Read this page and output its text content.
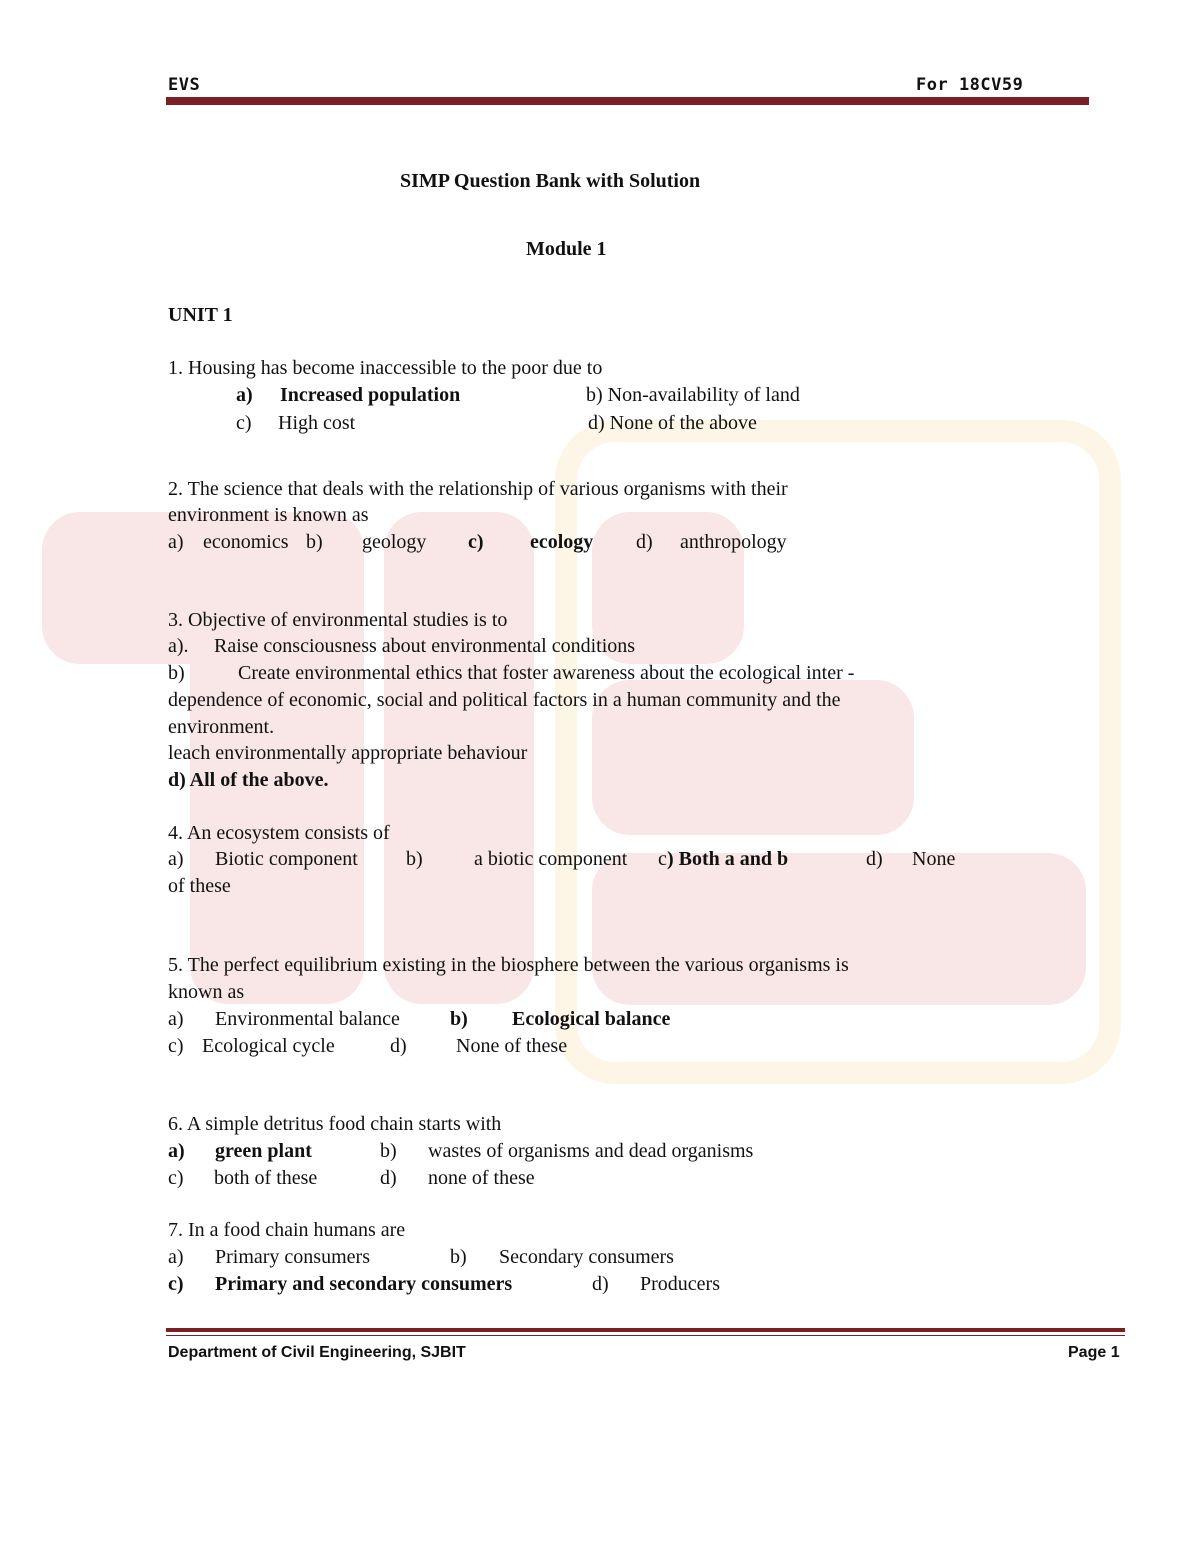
EVS	For 18CV59
SIMP Question Bank with Solution
Module 1
UNIT 1
1. Housing has become inaccessible to the poor due to
a) Increased population	b) Non-availability of land
c) High cost	d) None of the above
2. The science that deals with the relationship of various organisms with their
environment is known as
a) economics b) geology c) ecology d) anthropology
3. Objective of environmental studies is to
a). Raise consciousness about environmental conditions
b)	Create environmental ethics that foster awareness about the ecological inter -
dependence of economic, social and political factors in a human community and the
environment.
leach environmentally appropriate behaviour
d) All of the above.
4. An ecosystem consists of
a) Biotic component b)	a biotic component c ) Both a and b	d) None
of these
5. The perfect equilibrium existing in the biosphere between the various organisms is
known as
a) Environmental balance	b) Ecological balance
c) Ecological cycle	d) None of these
6. A simple detritus food chain starts with
a) green plant	b) wastes of organisms and dead organisms
c) both of these	d) none of these
7. In a food chain humans are
a) Primary consumers	b) Secondary consumers
c) Primary and secondary consumers	d) Producers
Department of Civil Engineering, SJBIT	Page 1
